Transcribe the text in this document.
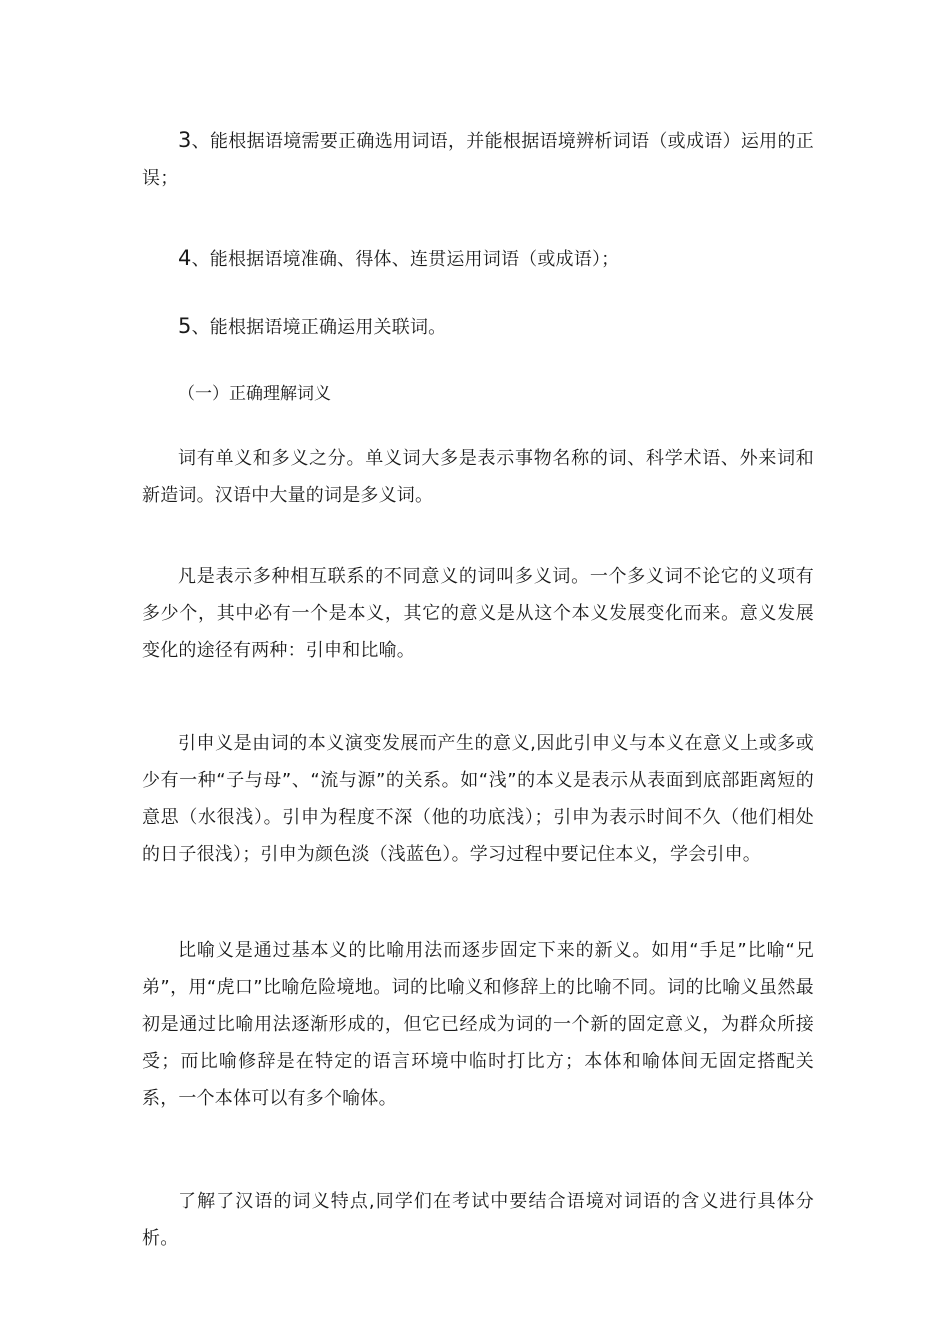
3、能根据语境需要正确选用词语，并能根据语境辨析词语（或成语）运用的正误；

4、能根据语境准确、得体、连贯运用词语（或成语）；

5、能根据语境正确运用关联词。

（一）正确理解词义

词有单义和多义之分。单义词大多是表示事物名称的词、科学术语、外来词和新造词。汉语中大量的词是多义词。

凡是表示多种相互联系的不同意义的词叫多义词。一个多义词不论它的义项有多少个，其中必有一个是本义，其它的意义是从这个本义发展变化而来。意义发展变化的途径有两种：引申和比喻。

引申义是由词的本义演变发展而产生的意义,因此引申义与本义在意义上或多或少有一种“子与母”、“流与源”的关系。如“浅”的本义是表示从表面到底部距离短的意思（水很浅）。引申为程度不深（他的功底浅）；引申为表示时间不久（他们相处的日子很浅）；引申为颜色淡（浅蓝色）。学习过程中要记住本义，学会引申。

比喻义是通过基本义的比喻用法而逐步固定下来的新义。如用“手足”比喻“兄弟”，用“虎口”比喻危险境地。词的比喻义和修辞上的比喻不同。词的比喻义虽然最初是通过比喻用法逐渐形成的，但它已经成为词的一个新的固定意义，为群众所接受；而比喻修辞是在特定的语言环境中临时打比方；本体和喻体间无固定搭配关系，一个本体可以有多个喻体。

了解了汉语的词义特点,同学们在考试中要结合语境对词语的含义进行具体分析。
